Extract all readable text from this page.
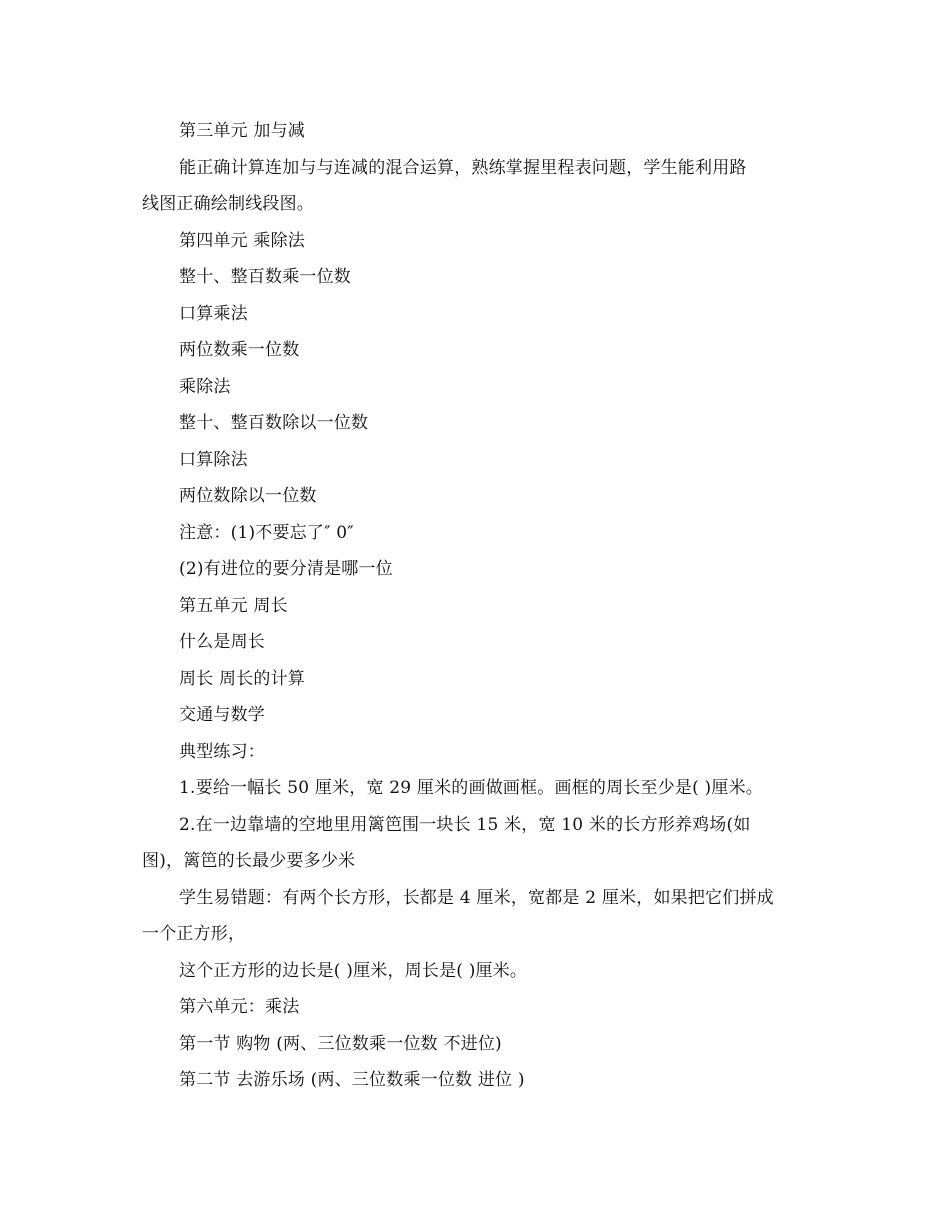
第三单元 加与减
能正确计算连加与与连减的混合运算，熟练掌握里程表问题，学生能利用路
线图正确绘制线段图。
第四单元 乘除法
整十、整百数乘一位数
口算乘法
两位数乘一位数
乘除法
整十、整百数除以一位数
口算除法
两位数除以一位数
注意：(1)不要忘了″ 0″
(2)有进位的要分清是哪一位
第五单元 周长
什么是周长
周长 周长的计算
交通与数学
典型练习：
1.要给一幅长 50 厘米，宽 29 厘米的画做画框。画框的周长至少是( )厘米。
2.在一边靠墙的空地里用篱笆围一块长 15 米，宽 10 米的长方形养鸡场(如
图)，篱笆的长最少要多少米
学生易错题：有两个长方形，长都是 4 厘米，宽都是 2 厘米，如果把它们拼成
一个正方形，
这个正方形的边长是( )厘米，周长是( )厘米。
第六单元：乘法
第一节 购物 (两、三位数乘一位数 不进位)
第二节 去游乐场 (两、三位数乘一位数 进位 )
